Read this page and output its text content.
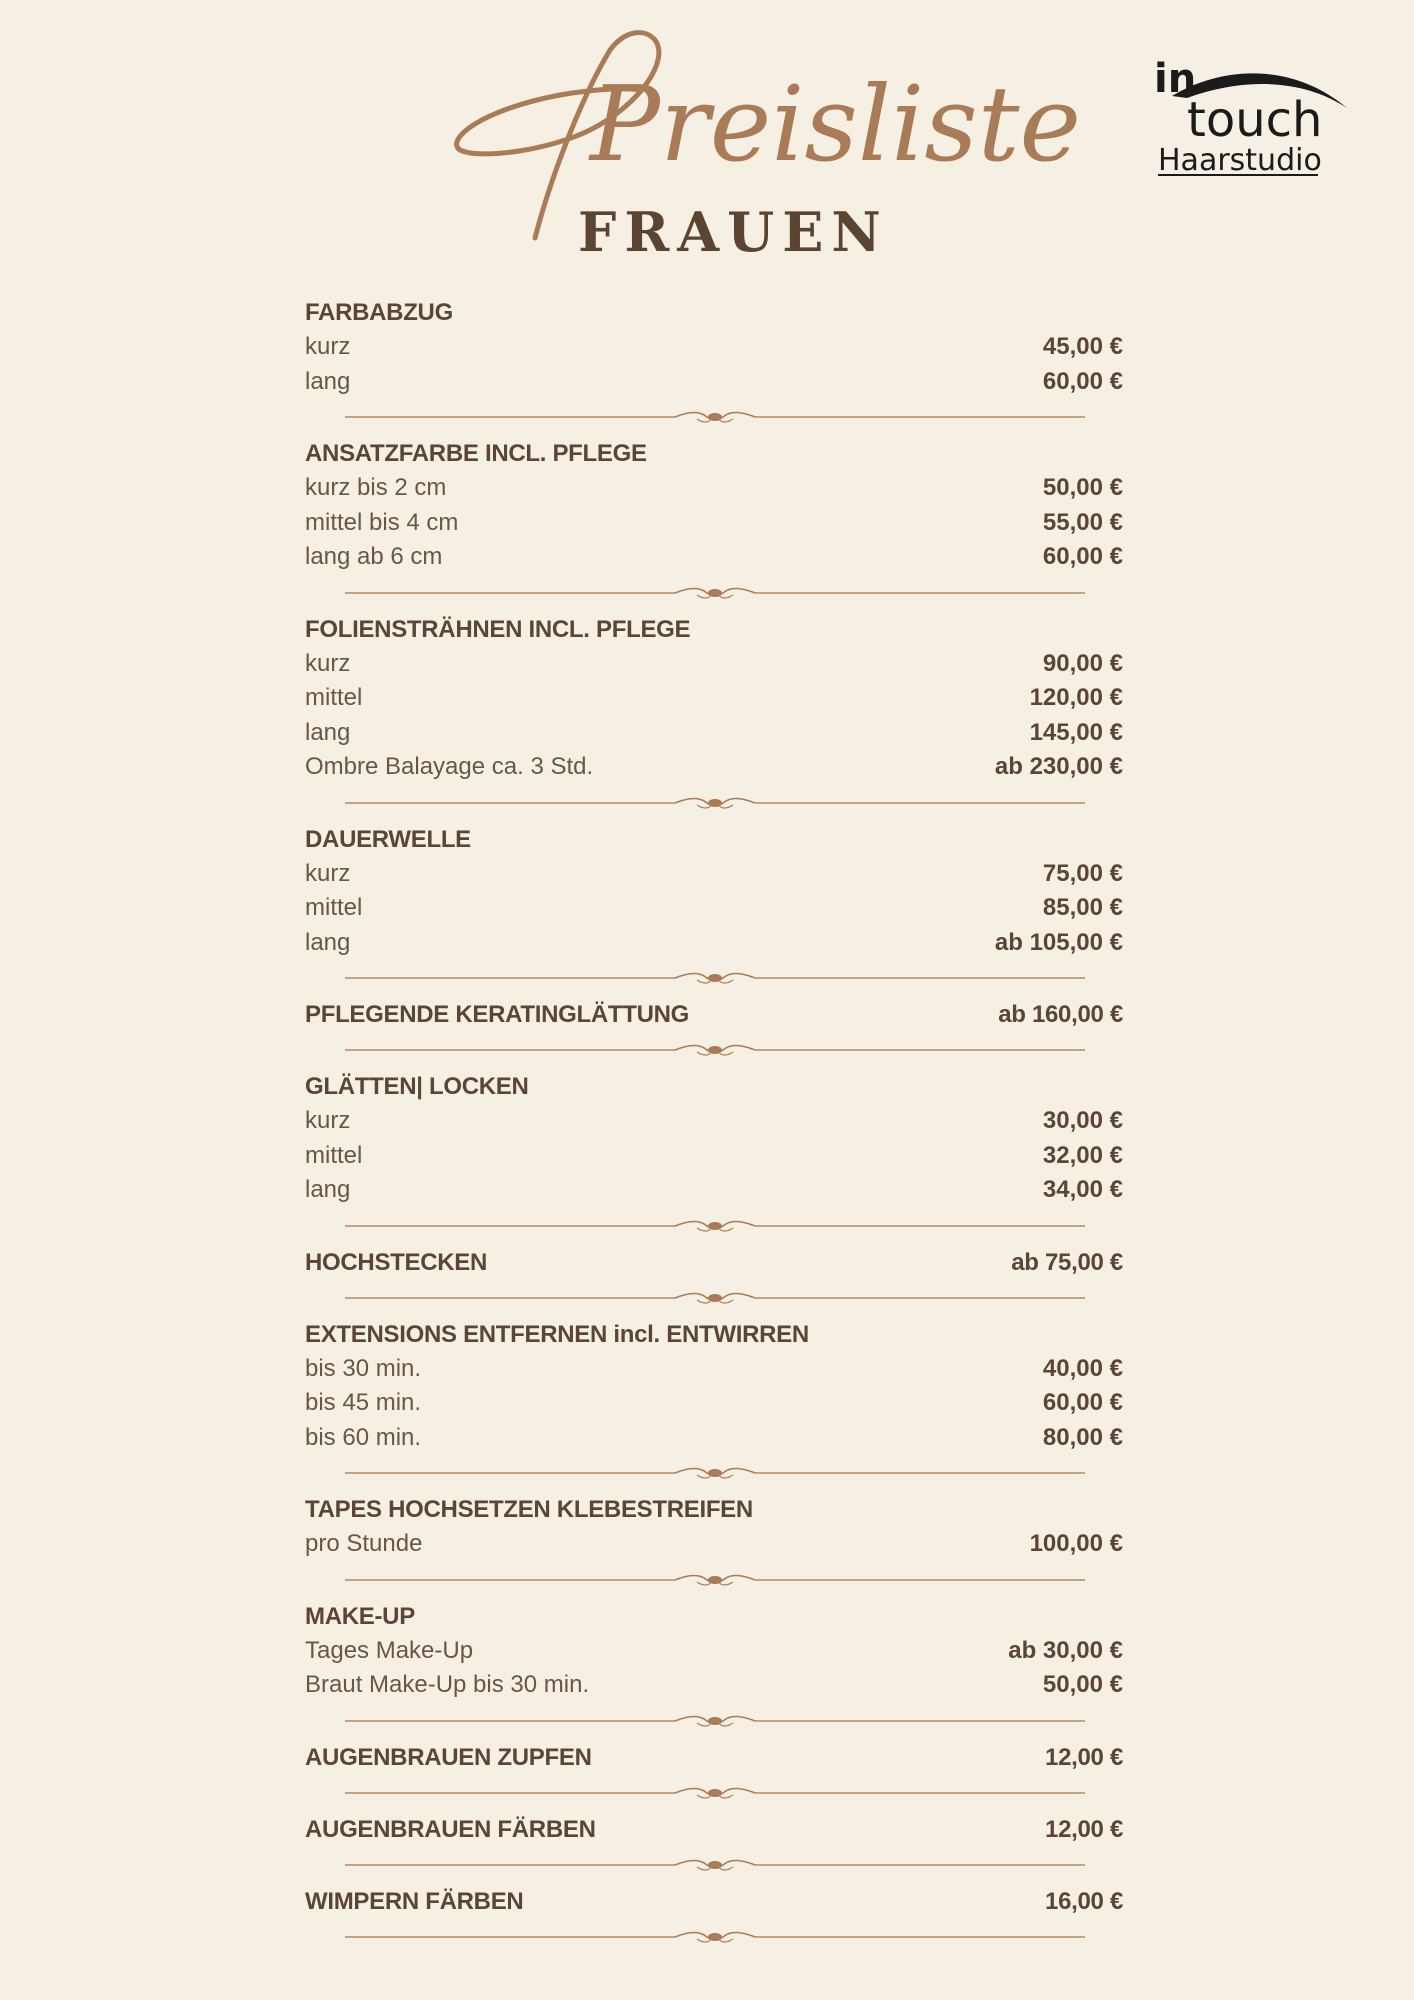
Preisliste
FRAUEN
in
touch
Haarstudio
FARBABZUG
kurz	45,00 €
lang	60,00 €
ANSATZFARBE INCL. PFLEGE
kurz bis 2 cm	50,00 €
mittel bis 4 cm	55,00 €
lang ab 6 cm	60,00 €
FOLIENSTRÄHNEN INCL. PFLEGE
kurz	90,00 €
mittel	120,00 €
lang	145,00 €
Ombre Balayage ca. 3 Std.	ab 230,00 €
DAUERWELLE
kurz	75,00 €
mittel	85,00 €
lang	ab 105,00 €
PFLEGENDE KERATINGLÄTTUNG	ab 160,00 €
GLÄTTEN| LOCKEN
kurz	30,00 €
mittel	32,00 €
lang	34,00 €
HOCHSTECKEN	ab 75,00 €
EXTENSIONS ENTFERNEN incl. ENTWIRREN
bis 30 min.	40,00 €
bis 45 min.	60,00 €
bis 60 min.	80,00 €
TAPES HOCHSETZEN KLEBESTREIFEN
pro Stunde	100,00 €
MAKE-UP
Tages Make-Up	ab 30,00 €
Braut Make-Up bis 30 min.	50,00 €
AUGENBRAUEN ZUPFEN	12,00 €
AUGENBRAUEN FÄRBEN	12,00 €
WIMPERN FÄRBEN	16,00 €
